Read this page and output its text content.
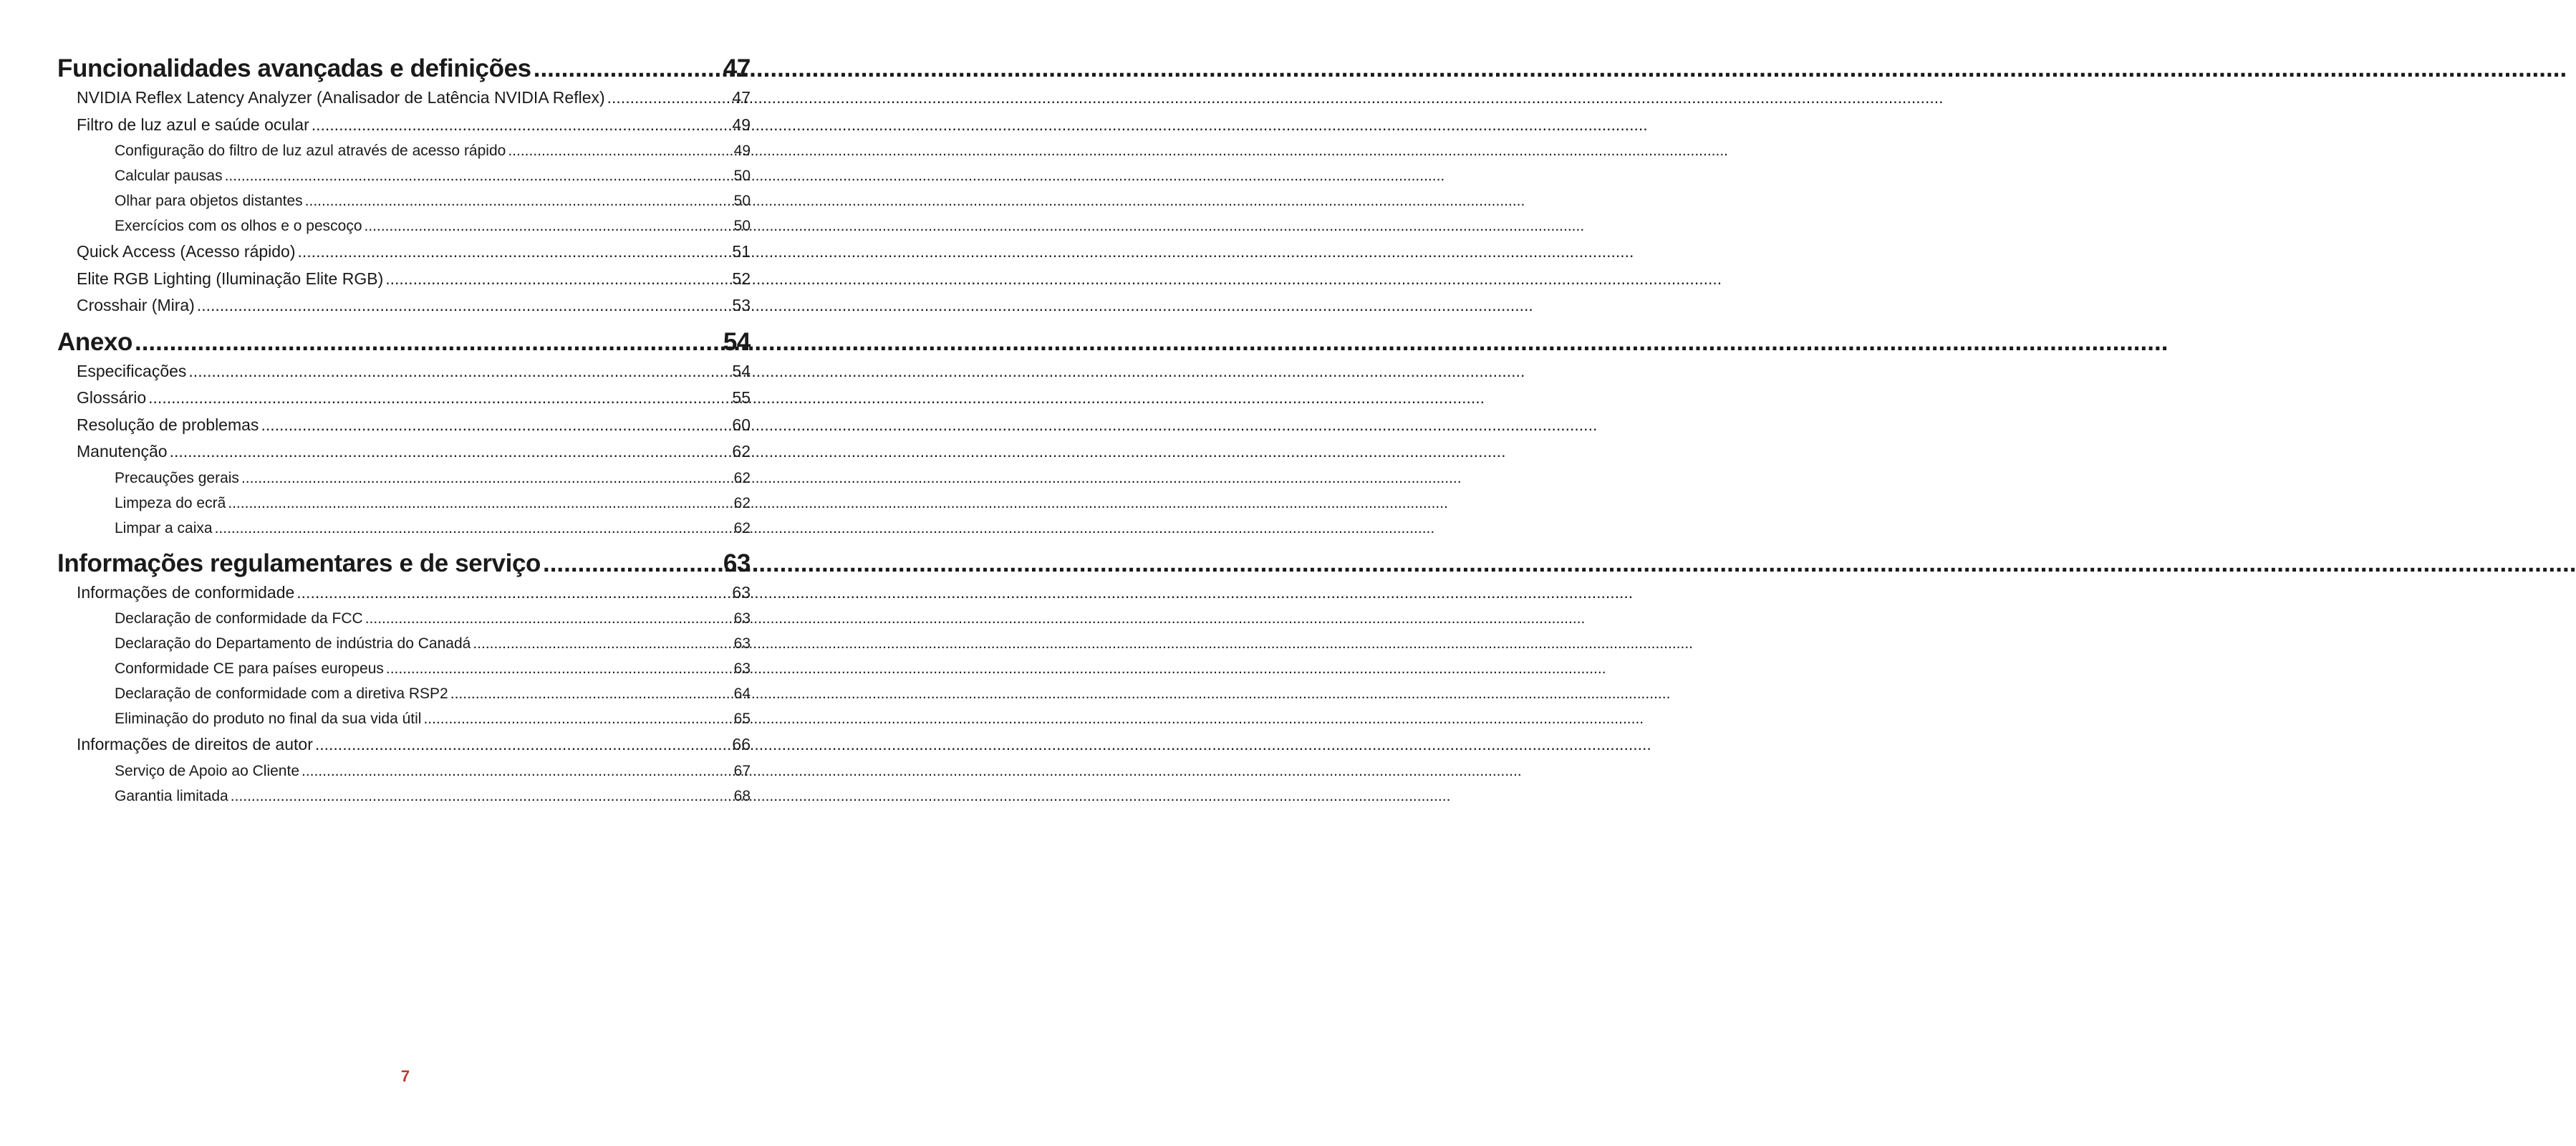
Funcionalidades avançadas e definições .....	47
NVIDIA Reflex Latency Analyzer (Analisador de Latência NVIDIA Reflex) .....	47
Filtro de luz azul e saúde ocular .....	49
Configuração do filtro de luz azul através de acesso rápido .....	49
Calcular pausas .....	50
Olhar para objetos distantes .....	50
Exercícios com os olhos e o pescoço .....	50
Quick Access (Acesso rápido) .....	51
Elite RGB Lighting (Iluminação Elite RGB) .....	52
Crosshair (Mira) .....	53
Anexo .....	54
Especificações .....	54
Glossário .....	55
Resolução de problemas .....	60
Manutenção .....	62
Precauções gerais .....	62
Limpeza do ecrã .....	62
Limpar a caixa .....	62
Informações regulamentares e de serviço .....	63
Informações de conformidade .....	63
Declaração de conformidade da FCC .....	63
Declaração do Departamento de indústria do Canadá .....	63
Conformidade CE para países europeus .....	63
Declaração de conformidade com a diretiva RSP2 .....	64
Eliminação do produto no final da sua vida útil .....	65
Informações de direitos de autor .....	66
Serviço de Apoio ao Cliente .....	67
Garantia limitada .....	68
7
